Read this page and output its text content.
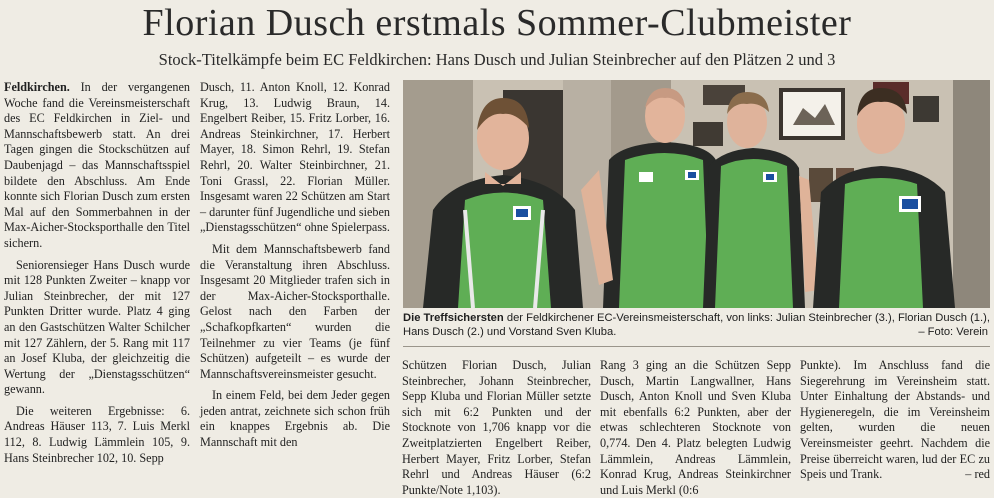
Florian Dusch erstmals Sommer-Clubmeister
Stock-Titelkämpfe beim EC Feldkirchen: Hans Dusch und Julian Steinbrecher auf den Plätzen 2 und 3

Feldkirchen. In der vergangenen Woche fand die Vereinsmeisterschaft des EC Feldkirchen in Ziel- und Mannschaftsbewerb statt. An drei Tagen gingen die Stockschützen auf Daubenjagd – das Mannschaftsspiel bildete den Abschluss. Am Ende konnte sich Florian Dusch zum ersten Mal auf den Sommerbahnen in der Max-Aicher-Stocksporthalle den Titel sichern.

Seniorensieger Hans Dusch wurde mit 128 Punkten Zweiter – knapp vor Julian Steinbrecher, der mit 127 Punkten Dritter wurde. Platz 4 ging an den Gastschützen Walter Schilcher mit 127 Zählern, der 5. Rang mit 117 an Josef Kluba, der gleichzeitig die Wertung der „Dienstagsschützen“ gewann.

Die weiteren Ergebnisse: 6. Andreas Häuser 113, 7. Luis Merkl 112, 8. Ludwig Lämmlein 105, 9. Hans Steinbrecher 102, 10. Sepp

Dusch, 11. Anton Knoll, 12. Konrad Krug, 13. Ludwig Braun, 14. Engelbert Reiber, 15. Fritz Lorber, 16. Andreas Steinkirchner, 17. Herbert Mayer, 18. Simon Rehrl, 19. Stefan Rehrl, 20. Walter Steinbirchner, 21. Toni Grassl, 22. Florian Müller. Insgesamt waren 22 Schützen am Start – darunter fünf Jugendliche und sieben „Dienstagsschützen“ ohne Spielerpass.

Mit dem Mannschaftsbewerb fand die Veranstaltung ihren Abschluss. Insgesamt 20 Mitglieder trafen sich in der Max-Aicher-Stocksporthalle. Gelost nach den Farben der „Schafkopfkarten“ wurden die Teilnehmer zu vier Teams (je fünf Schützen) aufgeteilt – es wurde der Mannschaftsvereinsmeister gesucht.

In einem Feld, bei dem Jeder gegen jeden antrat, zeichnete sich schon früh ein knappes Ergebnis ab. Die Mannschaft mit den

Die Treffsichersten der Feldkirchener EC-Vereinsmeisterschaft, von links: Julian Steinbrecher (3.), Florian Dusch (1.), Hans Dusch (2.) und Vorstand Sven Kluba.	– Foto: Verein

Schützen Florian Dusch, Julian Steinbrecher, Johann Steinbrecher, Sepp Kluba und Florian Müller setzte sich mit 6:2 Punkten und der Stocknote von 1,706 knapp vor die Zweitplatzierten Engelbert Reiber, Herbert Mayer, Fritz Lorber, Stefan Rehrl und Andreas Häuser (6:2 Punkte/Note 1,103).

Rang 3 ging an die Schützen Sepp Dusch, Martin Langwallner, Hans Dusch, Anton Knoll und Sven Kluba mit ebenfalls 6:2 Punkten, aber der etwas schlechteren Stocknote von 0,774. Den 4. Platz belegten Ludwig Lämmlein, Andreas Lämmlein, Konrad Krug, Andreas Steinkirchner und Luis Merkl (0:6

Punkte). Im Anschluss fand die Siegerehrung im Vereinsheim statt. Unter Einhaltung der Abstands- und Hygieneregeln, die im Vereinsheim gelten, wurden die neuen Vereinsmeister geehrt. Nachdem die Preise überreicht waren, lud der EC zu Speis und Trank.	– red
